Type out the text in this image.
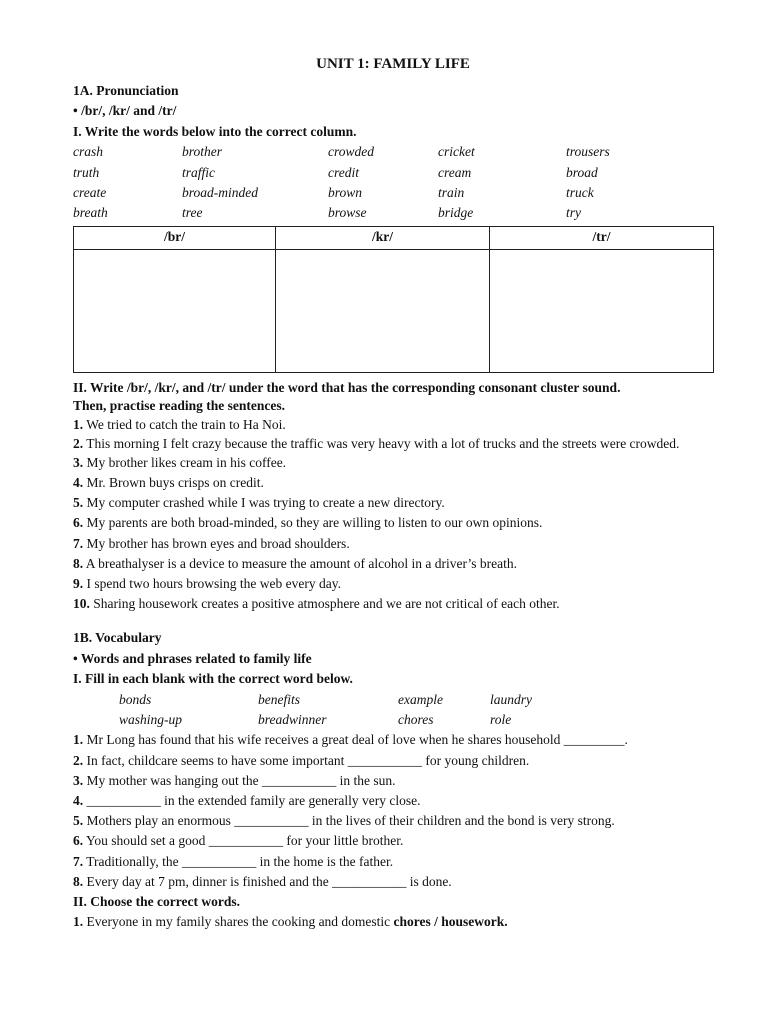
UNIT 1: FAMILY LIFE
1A. Pronunciation
• /br/, /kr/ and /tr/
I. Write the words below into the correct column.
crash	brother	crowded	cricket	trousers
truth	traffic	credit	cream	broad
create	broad-minded	brown	train	truck
breath	tree	browse	bridge	try
/br/	/kr/	/tr/

II. Write /br/, /kr/, and /tr/ under the word that has the corresponding consonant cluster sound.
Then, practise reading the sentences.
1. We tried to catch the train to Ha Noi.
2. This morning I felt crazy because the traffic was very heavy with a lot of trucks and the streets were crowded.
3. My brother likes cream in his coffee.
4. Mr. Brown buys crisps on credit.
5. My computer crashed while I was trying to create a new directory.
6. My parents are both broad-minded, so they are willing to listen to our own opinions.
7. My brother has brown eyes and broad shoulders.
8. A breathalyser is a device to measure the amount of alcohol in a driver’s breath.
9. I spend two hours browsing the web every day.
10. Sharing housework creates a positive atmosphere and we are not critical of each other.
1B. Vocabulary
• Words and phrases related to family life
I. Fill in each blank with the correct word below.
bonds	benefits	example	laundry
washing-up	breadwinner	chores	role
1. Mr Long has found that his wife receives a great deal of love when he shares household _________.
2. In fact, childcare seems to have some important ___________ for young children.
3. My mother was hanging out the ___________ in the sun.
4. ___________ in the extended family are generally very close.
5. Mothers play an enormous ___________ in the lives of their children and the bond is very strong.
6. You should set a good ___________ for your little brother.
7. Traditionally, the ___________ in the home is the father.
8. Every day at 7 pm, dinner is finished and the ___________ is done.
II. Choose the correct words.
1. Everyone in my family shares the cooking and domestic chores / housework.
